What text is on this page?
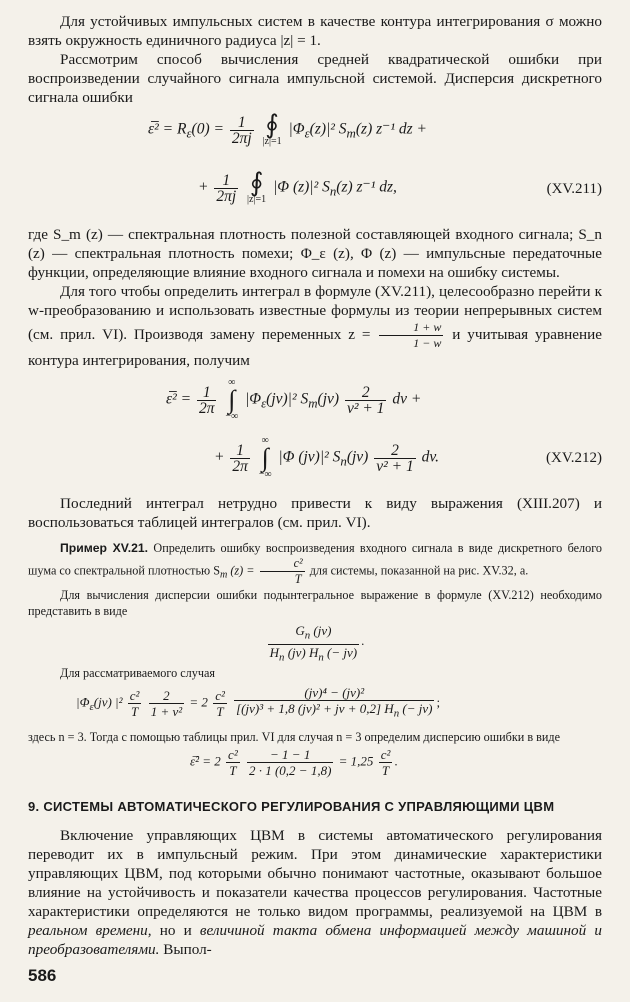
Для устойчивых импульсных систем в качестве контура интегрирования σ можно взять окружность единичного радиуса |z| = 1.

Рассмотрим способ вычисления средней квадратической ошибки при воспроизведении случайного сигнала импульсной системой. Дисперсия дискретного сигнала ошибки

ε̅² = $R_\varepsilon(0) = \frac{1}{2\pi j}$
∮
|z|=1
$|\Phi_\varepsilon(z)|^2$ $S_m(z)$ z⁻¹ dz +
+ $\frac{1}{2\pi j}$
∮
|z|=1
|Φ (z)|² $S_n(z)$ z⁻¹ dz,	(XV.211)

где S_m (z) — спектральная плотность полезной составляющей входного сигнала; S_n (z) — спектральная плотность помехи; Φ_ε (z), Φ (z) — импульсные передаточные функции, определяющие влияние входного сигнала и помехи на ошибку системы.

Для того чтобы определить интеграл в формуле (XV.211), целесообразно перейти к w-преобразованию и использовать известные формулы из теории непрерывных систем (см. прил. VI). Производя замену переменных $z = \frac{1 + w}{1 - w}$ и учитывая уравнение контура интегрирования, получим

ε̅² = $\frac{1}{2\pi}$

∞
∫
−∞
$|\Phi_\varepsilon(jv)|^2$ $S_m(jv) \frac{2}{\text{v² + 1}}$ dv +
+ $\frac{1}{2\pi}$

∞
∫
−∞
|Φ (jv)|² $S_n(jv) \frac{2}{\text{v² + 1}}$ dv.	(XV.212)

Последний интеграл нетрудно привести к виду выражения (XIII.207) и воспользоваться таблицей интегралов (см. прил. VI).

Пример XV.21. Определить ошибку воспроизведения входного сигнала в виде дискретного белого шума со спектральной плотностью $S_m$ $(z) = \frac{\text{c²}}{T}$ для системы, показанной на рис. XV.32, а.

Для вычисления дисперсии ошибки подынтегральное выражение в формуле (XV.212) необходимо представить в виде

$\frac{G_n (jv)}{H_n (jv) H_n (- jv)}$ .

Для рассматриваемого случая

$|\Phi_\varepsilon(jv)$ $|^2 \frac{\text{c²}}{T}$
$\frac{2}{\text{1 + v²}} = 2 \frac{\text{c²}}{T}$
$\frac{\text{(jv)⁴ − (jv)²}}{[(jv)^3 + 1,8 (jv)^2 + jv + 0,2] H_n (- jv)}$ ;

здесь n = 3. Тогда с помощью таблицы прил. VI для случая n = 3 определим дисперсию ошибки в виде

ε̅² = $2 \frac{\text{c²}}{T}$
$\frac{- 1 - 1}{2 \cdot 1 (0,2 - 1,8)} = 1,25 \frac{\text{c²}}{T}$ .
9. СИСТЕМЫ АВТОМАТИЧЕСКОГО РЕГУЛИРОВАНИЯ С УПРАВЛЯЮЩИМИ ЦВМ

Включение управляющих ЦВМ в системы автоматического регулирования переводит их в импульсный режим. При этом динамические характеристики управляющих ЦВМ, под которыми обычно понимают частотные, оказывают большое влияние на устойчивость и показатели качества процессов регулирования. Частотные характеристики определяются не только видом программы, реализуемой на ЦВМ в реальном времени, но и величиной такта обмена информацией между машиной и преобразователями. Выпол-

586
